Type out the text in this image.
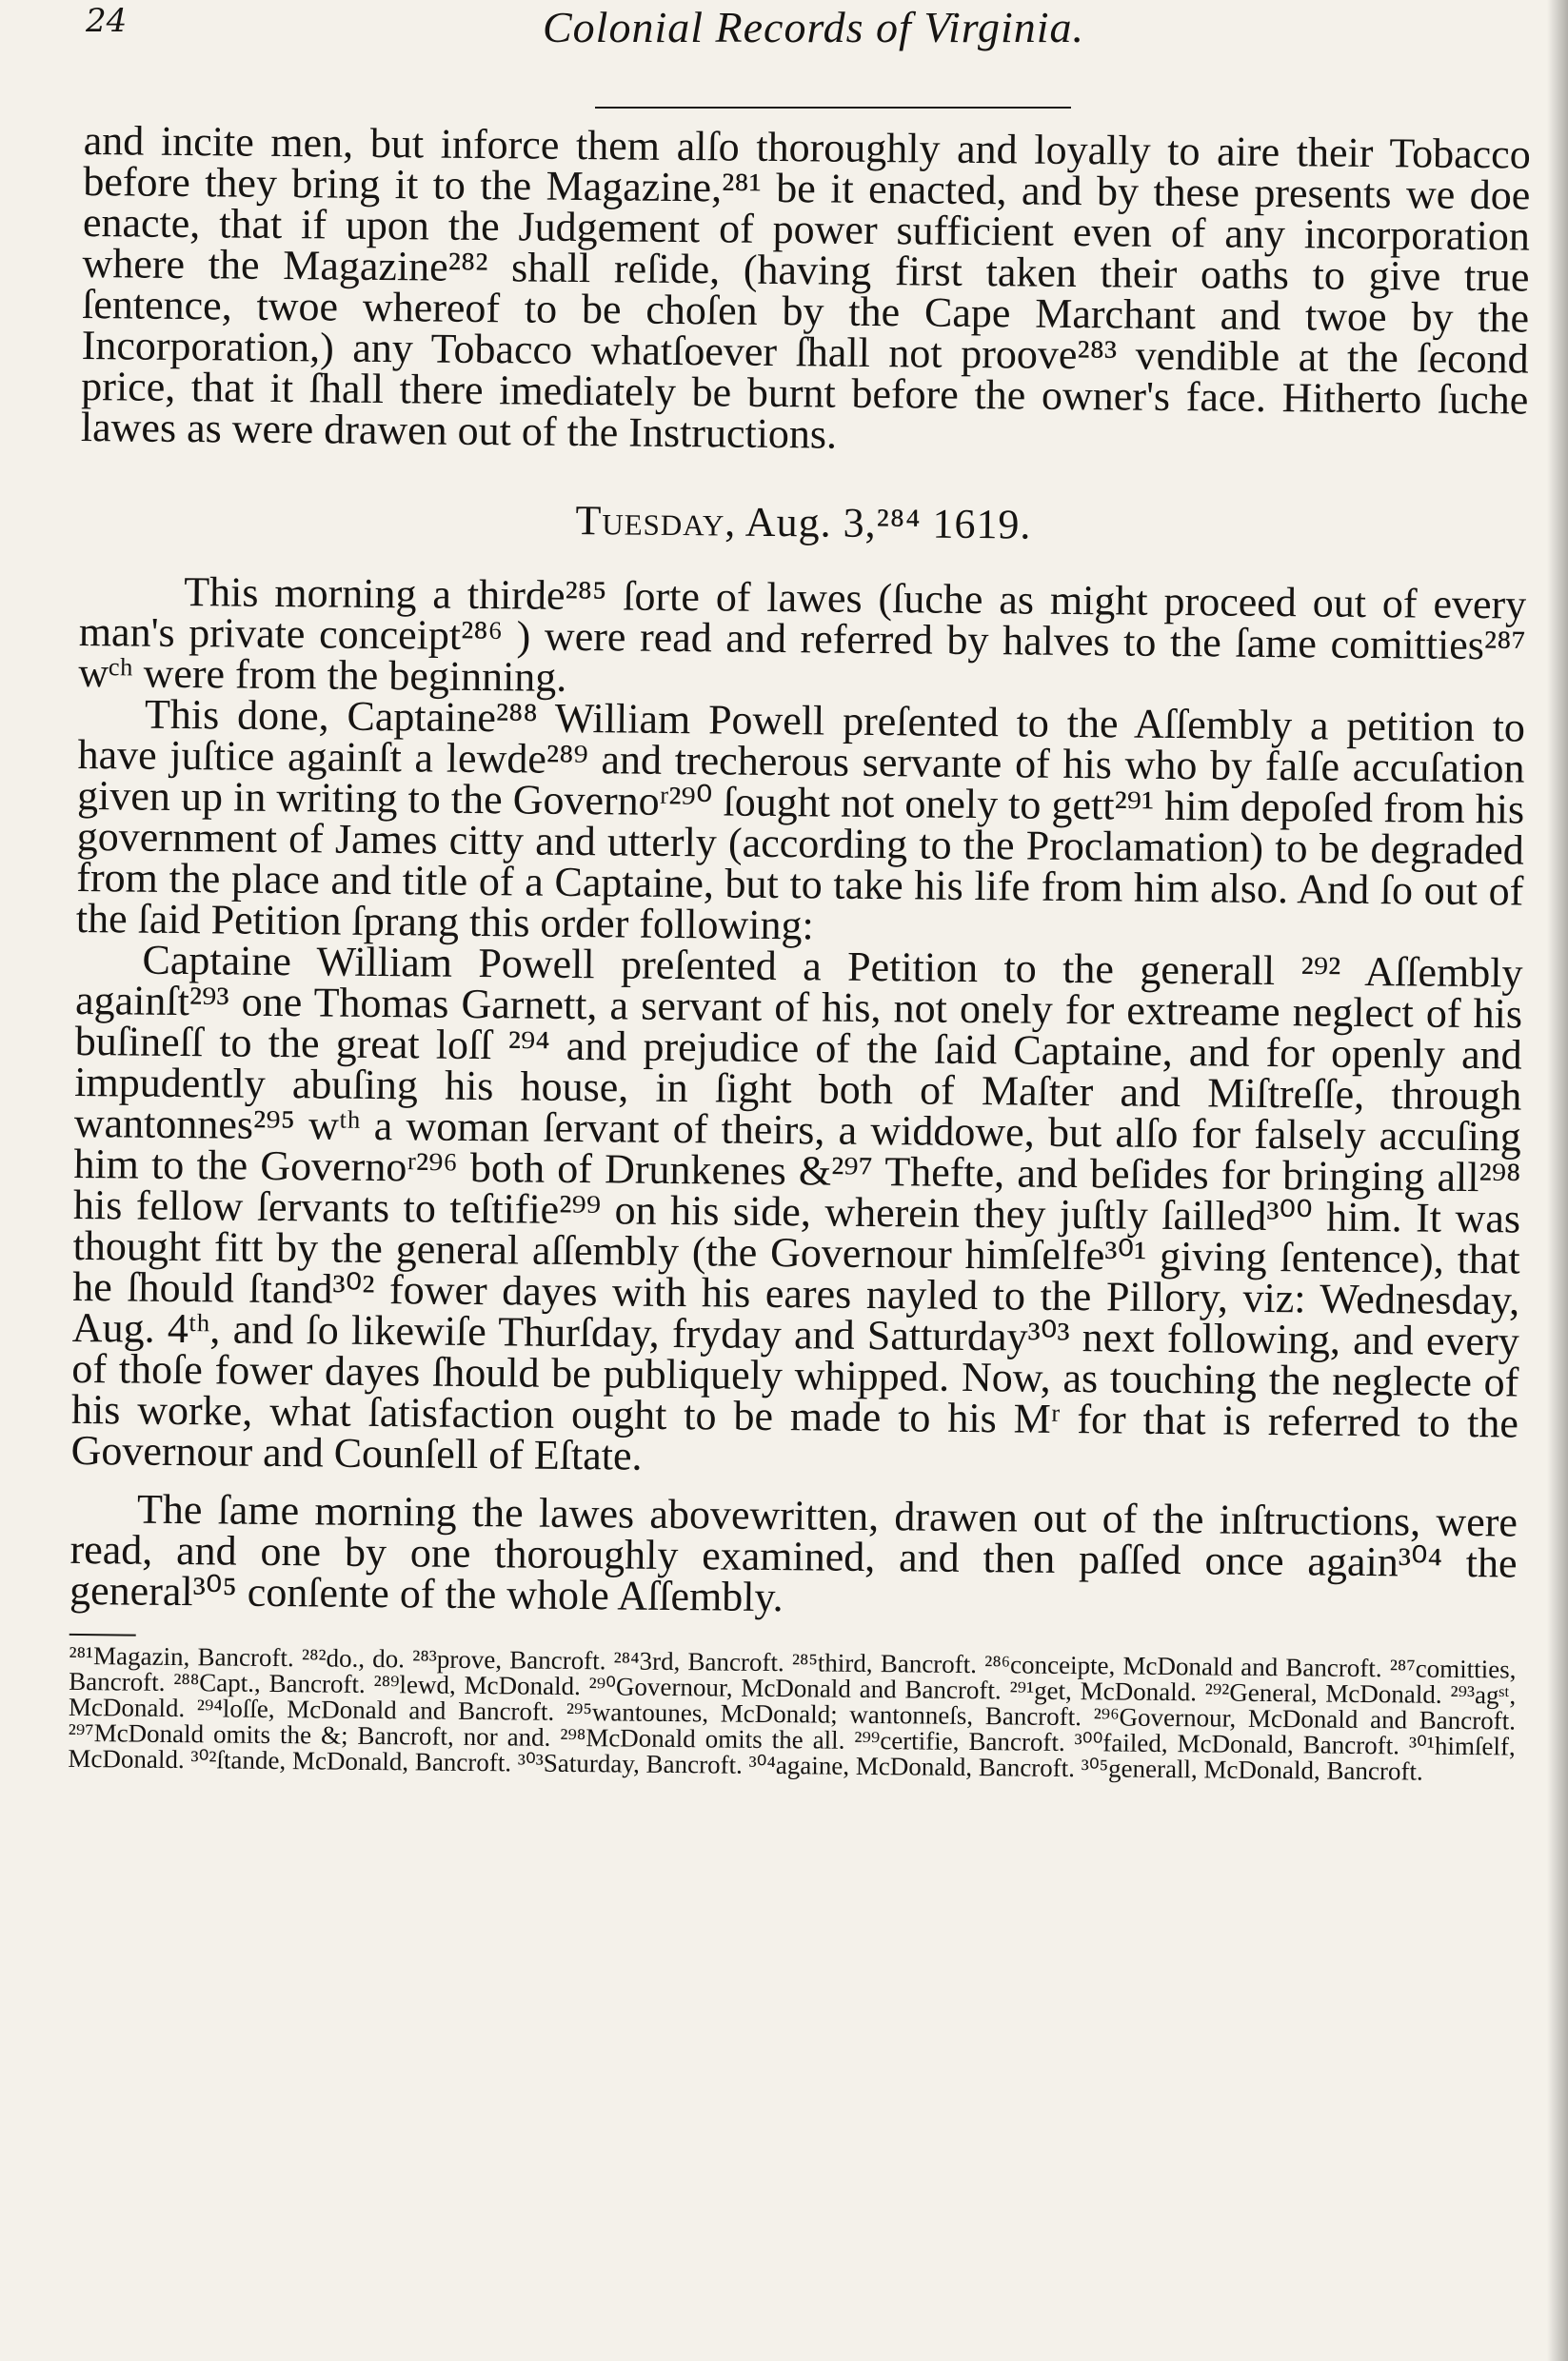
24	Colonial Records of Virginia.

and incite men, but inforce them alſo thoroughly and loyally to aire their Tobacco before they bring it to the Magazine,²⁸¹ be it enacted, and by these presents we doe enacte, that if upon the Judgement of power sufficient even of any incorporation where the Magazine²⁸² shall reſide, (having first taken their oaths to give true ſentence, twoe whereof to be choſen by the Cape Marchant and twoe by the Incorporation,) any Tobacco whatſoever ſhall not proove²⁸³ vendible at the ſecond price, that it ſhall there imediately be burnt before the owner's face. Hitherto ſuche lawes as were drawen out of the Instructions.

Tuesday, Aug. 3,²⁸⁴ 1619.

This morning a thirde²⁸⁵ ſorte of lawes (ſuche as might proceed out of every man's private conceipt²⁸⁶ ) were read and referred by halves to the ſame comitties²⁸⁷ wᶜʰ were from the beginning.

This done, Captaine²⁸⁸ William Powell preſented to the Aſſembly a petition to have juſtice againſt a lewde²⁸⁹ and trecherous servante of his who by falſe accuſation given up in writing to the Governoʳ²⁹⁰ ſought not onely to gett²⁹¹ him depoſed from his government of James citty and utterly (according to the Proclamation) to be degraded from the place and title of a Captaine, but to take his life from him also. And ſo out of the ſaid Petition ſprang this order following:

Captaine William Powell preſented a Petition to the generall ²⁹² Aſſembly againſt²⁹³ one Thomas Garnett, a servant of his, not onely for extreame neglect of his buſineſſ to the great loſſ ²⁹⁴ and prejudice of the ſaid Captaine, and for openly and impudently abuſing his house, in ſight both of Maſter and Miſtreſſe, through wantonnes²⁹⁵ wᵗʰ a woman ſervant of theirs, a widdowe, but alſo for falsely accuſing him to the Governoʳ²⁹⁶ both of Drunkenes &²⁹⁷ Thefte, and beſides for bringing all²⁹⁸ his fellow ſervants to teſtifie²⁹⁹ on his side, wherein they juſtly ſailled³⁰⁰ him. It was thought fitt by the general aſſembly (the Governour himſelfe³⁰¹ giving ſentence), that he ſhould ſtand³⁰² fower dayes with his eares nayled to the Pillory, viz: Wednesday, Aug. 4ᵗʰ, and ſo likewiſe Thurſday, fryday and Satturday³⁰³ next following, and every of thoſe fower dayes ſhould be publiquely whipped. Now, as touching the neglecte of his worke, what ſatisfaction ought to be made to his Mʳ for that is referred to the Governour and Counſell of Eſtate.

The ſame morning the lawes abovewritten, drawen out of the inſtructions, were read, and one by one thoroughly examined, and then paſſed once again³⁰⁴ the general³⁰⁵ conſente of the whole Aſſembly.

²⁸¹Magazin, Bancroft. ²⁸²do., do. ²⁸³prove, Bancroft. ²⁸⁴3rd, Bancroft. ²⁸⁵third, Bancroft. ²⁸⁶conceipte, McDonald and Bancroft. ²⁸⁷comitties, Bancroft. ²⁸⁸Capt., Bancroft. ²⁸⁹lewd, McDonald. ²⁹⁰Governour, McDonald and Bancroft. ²⁹¹get, McDonald. ²⁹²General, McDonald. ²⁹³agˢᵗ, McDonald. ²⁹⁴loſſe, McDonald and Bancroft. ²⁹⁵wantounes, McDonald; wantonneſs, Bancroft. ²⁹⁶Governour, McDonald and Bancroft. ²⁹⁷McDonald omits the &; Bancroft, nor and. ²⁹⁸McDonald omits the all. ²⁹⁹certifie, Bancroft. ³⁰⁰failed, McDonald, Bancroft. ³⁰¹himſelf, McDonald. ³⁰²ſtande, McDonald, Bancroft. ³⁰³Saturday, Bancroft. ³⁰⁴againe, McDonald, Bancroft. ³⁰⁵generall, McDonald, Bancroft.
